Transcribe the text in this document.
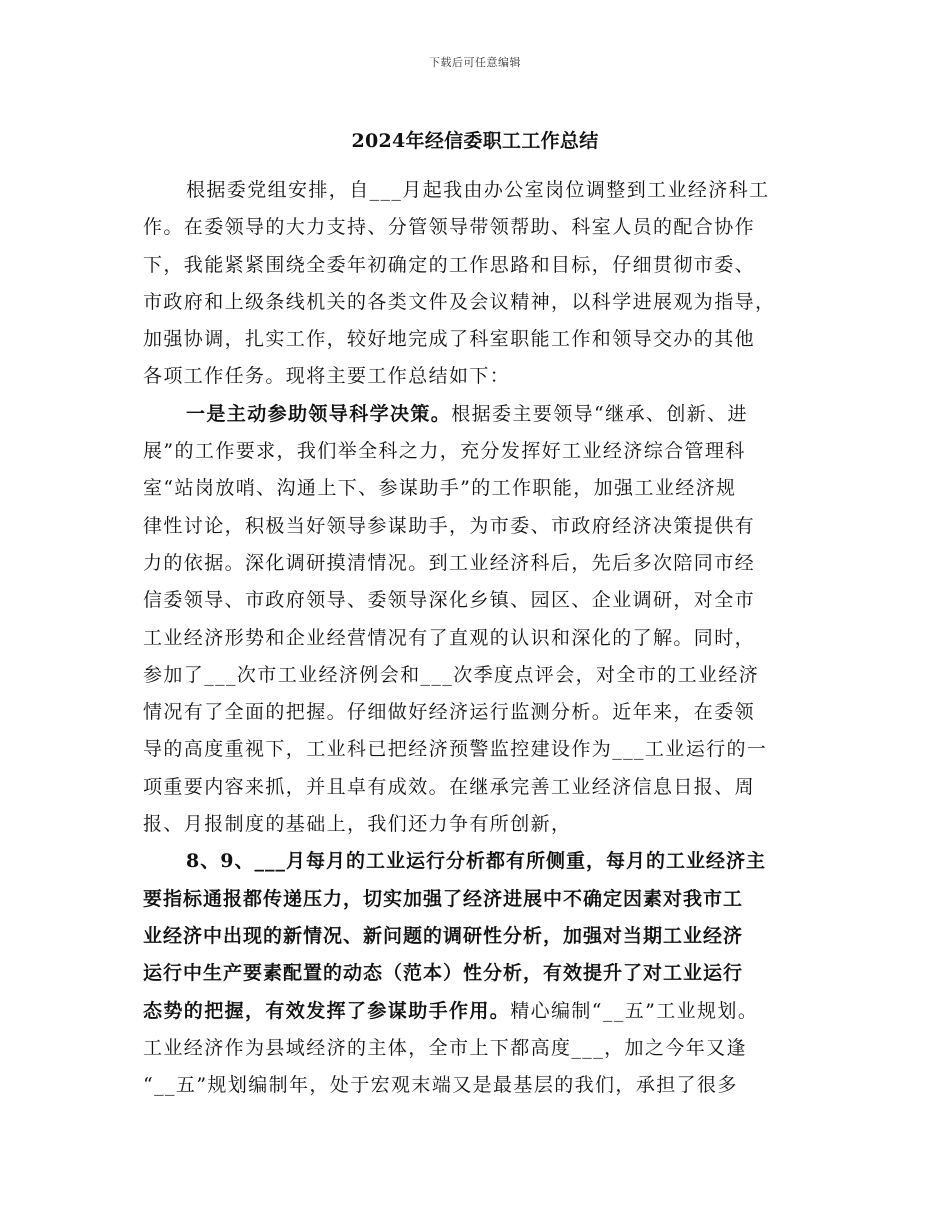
下载后可任意编辑
2024年经信委职工工作总结
根据委党组安排，自___月起我由办公室岗位调整到工业经济科工
作。在委领导的大力支持、分管领导带领帮助、科室人员的配合协作
下，我能紧紧围绕全委年初确定的工作思路和目标，仔细贯彻市委、
市政府和上级条线机关的各类文件及会议精神，以科学进展观为指导，
加强协调，扎实工作，较好地完成了科室职能工作和领导交办的其他
各项工作任务。现将主要工作总结如下：
一是主动参助领导科学决策。根据委主要领导“继承、创新、进
展”的工作要求，我们举全科之力，充分发挥好工业经济综合管理科
室“站岗放哨、沟通上下、参谋助手”的工作职能，加强工业经济规
律性讨论，积极当好领导参谋助手，为市委、市政府经济决策提供有
力的依据。深化调研摸清情况。到工业经济科后，先后多次陪同市经
信委领导、市政府领导、委领导深化乡镇、园区、企业调研，对全市
工业经济形势和企业经营情况有了直观的认识和深化的了解。同时，
参加了___次市工业经济例会和___次季度点评会，对全市的工业经济
情况有了全面的把握。仔细做好经济运行监测分析。近年来，在委领
导的高度重视下，工业科已把经济预警监控建设作为___工业运行的一
项重要内容来抓，并且卓有成效。在继承完善工业经济信息日报、周
报、月报制度的基础上，我们还力争有所创新，
8、9、___月每月的工业运行分析都有所侧重，每月的工业经济主
要指标通报都传递压力，切实加强了经济进展中不确定因素对我市工
业经济中出现的新情况、新问题的调研性分析，加强对当期工业经济
运行中生产要素配置的动态（范本）性分析，有效提升了对工业运行
态势的把握，有效发挥了参谋助手作用。精心编制“__五”工业规划。
工业经济作为县域经济的主体，全市上下都高度___，加之今年又逢
“__五”规划编制年，处于宏观末端又是最基层的我们，承担了很多
